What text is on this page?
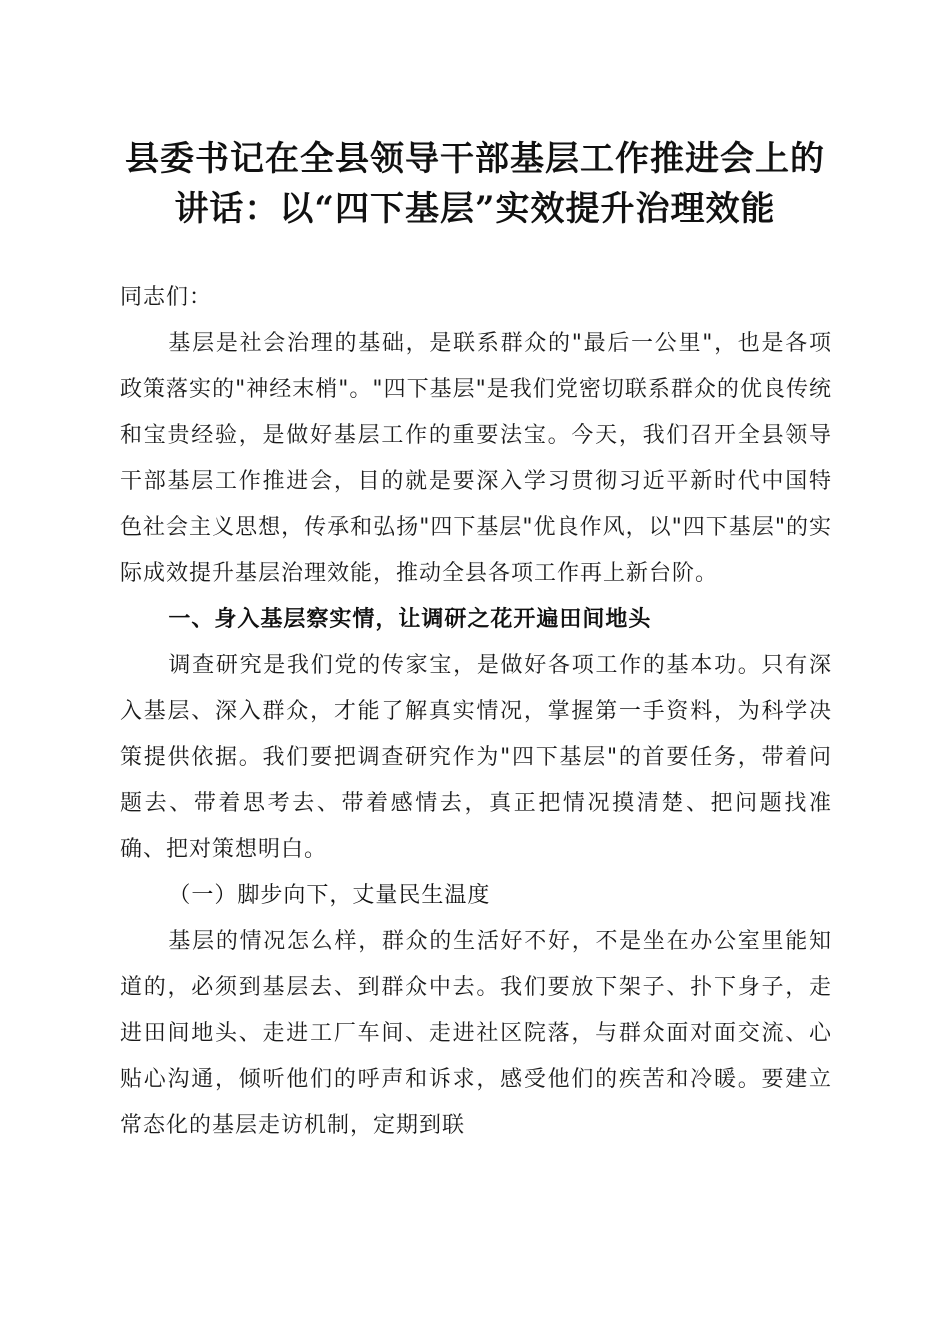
县委书记在全县领导干部基层工作推进会上的
讲话：以“四下基层”实效提升治理效能

同志们：

基层是社会治理的基础，是联系群众的"最后一公里"，也是各项政策落实的"神经末梢"。"四下基层"是我们党密切联系群众的优良传统和宝贵经验，是做好基层工作的重要法宝。今天，我们召开全县领导干部基层工作推进会，目的就是要深入学习贯彻习近平新时代中国特色社会主义思想，传承和弘扬"四下基层"优良作风，以"四下基层"的实际成效提升基层治理效能，推动全县各项工作再上新台阶。

一、身入基层察实情，让调研之花开遍田间地头

调查研究是我们党的传家宝，是做好各项工作的基本功。只有深入基层、深入群众，才能了解真实情况，掌握第一手资料，为科学决策提供依据。我们要把调查研究作为"四下基层"的首要任务，带着问题去、带着思考去、带着感情去，真正把情况摸清楚、把问题找准确、把对策想明白。

（一）脚步向下，丈量民生温度

基层的情况怎么样，群众的生活好不好，不是坐在办公室里能知道的，必须到基层去、到群众中去。我们要放下架子、扑下身子，走进田间地头、走进工厂车间、走进社区院落，与群众面对面交流、心贴心沟通，倾听他们的呼声和诉求，感受他们的疾苦和冷暖。要建立常态化的基层走访机制，定期到联
